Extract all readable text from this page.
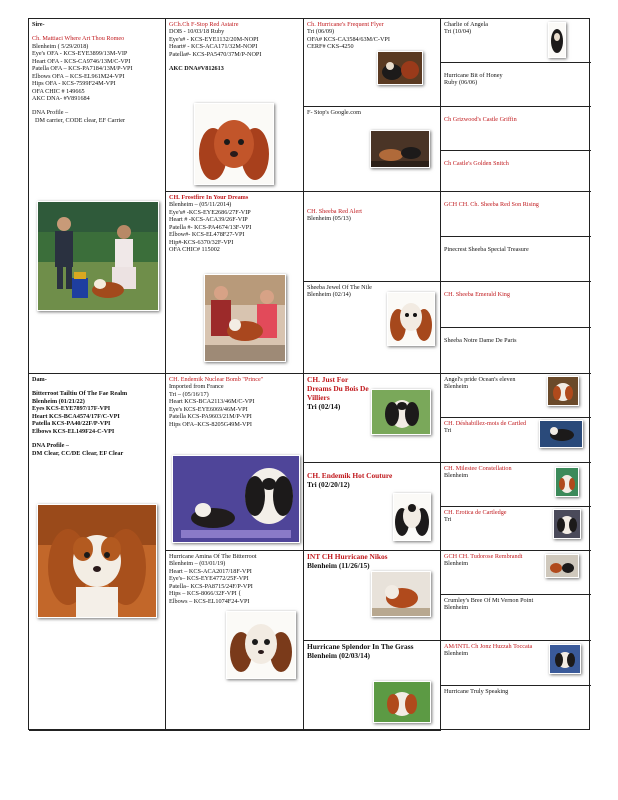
Sire-
Ch. Mattiaci Where Art Thou Romeo
Blenheim ( 5/29/2018)
Eye's OFA - KCS-EYE3899/13M-VIP
Heart OFA - KCS-CA9746/13M/C-VPI
Patella OFA – KCS-PA7184/13M/P-VPI
Elbows OFA – KCS-EL961M24-VPI
Hips OFA - KCS-7599F24M-VPI
OFA CHIC # 149665
AKC DNA- #V891684
DNA Profile –
DM carrier, CODE clear, EF Carrier
Dam-
Bitterroot Tailtiu Of The Fae Realm
Blenheim (01/21/22)
Eyes KCS-EYE7897/17F-VPI
Heart KCS-BCA4574/17F/C-VPI
Patella KCS-PA40/22F/P-VPI
Elbows KCS-EL149F24-C-VPI
DNA Profile –
DM Clear, CC/DE Clear, EF Clear
GCh.Ch F-Stop Red Astaire
DOB - 10/03/18 Ruby
Eye's# - KCS-EYE1132/20M-NOPI
Heart# - KCS-ACA171/32M-NOPI
Patella#- KCS-PA5470/37M/P-NOPI
AKC DNA#V812613
CH. Frostfire In Your Dreams
Blenheim – (05/11/2014)
Eye's# -KCS-EYE2686/27F-VIP
Heart # -KCS-ACA39/26F-VIP
Patella #- KCS-PA4674/13F-VPI
Elbow#- KCS-EL478F27-VPI
Hip#-KCS-6370/32F-VPI
OFA CHIC# 115002
CH. Endemik Nuclear Bomb "Prince"
Imported from France
Tri – (05/16/17)
Heart KCS-BCA2113/46M/C-VPI
Eye's KCS-EYE6069/46M-VPI
Patella KCS-PA9603/21M/P-VPI
Hips OFA–KCS-8205G49M-VPI
Hurricane Amina Of The Bitterroot
Blenheim – (03/01/19)
Heart – KCS-ACA2017/18F-VPI
Eye's– KCS-EYE4772/25F-VPI
Patella– KCS-PA8715/24F/P-VPI
Hips – KCS-8066/32F-VPI {
Elbows – KCS-EL1074F24-VPI
Ch. Hurricane's Frequent Flyer
Tri (06/09)
OFA# KCS-CA3584/63M/C-VPI
CERF# CKS-4250
F- Stop's Google.com
CH. Sheeba Red Alert
Blenheim (05/13)
Sheeba Jewel Of The Nile
Blenheim (02/14)
CH. Just For Dreams Du Bois De Villiers
Tri (02/14)
CH. Endemik Hot Couture
Tri (02/20/12)
INT CH Hurricane Nikos
Blenheim (11/26/15)
Hurricane Splendor In The Grass
Blenheim (02/03/14)
Charlie of Angela
Tri (10/04)
Hurricane Bit of Honey
Ruby (06/06)
Ch Grizwood's Castle Griffin
Ch Castle's Golden Snitch
GCH CH. Ch. Sheeba Red Son Rising
Pinecrest Sheeba Special Treasure
CH. Sheeba Emerald King
Sheeba Notre Dame De Paris
Angel's pride Ocean's eleven
Blenheim
CH. Déshabillez-mois de Cartled
Tri
CH. Milestee Constellation
Blenheim
CH. Erotica de Cartledge
Tri
GCH CH. Tudorose Rembrandt
Blenheim
Crumley's Bree Of Mt Vernon Point
Blenheim
AM/INTL Ch Jonz Huzzah Toccata
Blenheim
Hurricane Truly Speaking
